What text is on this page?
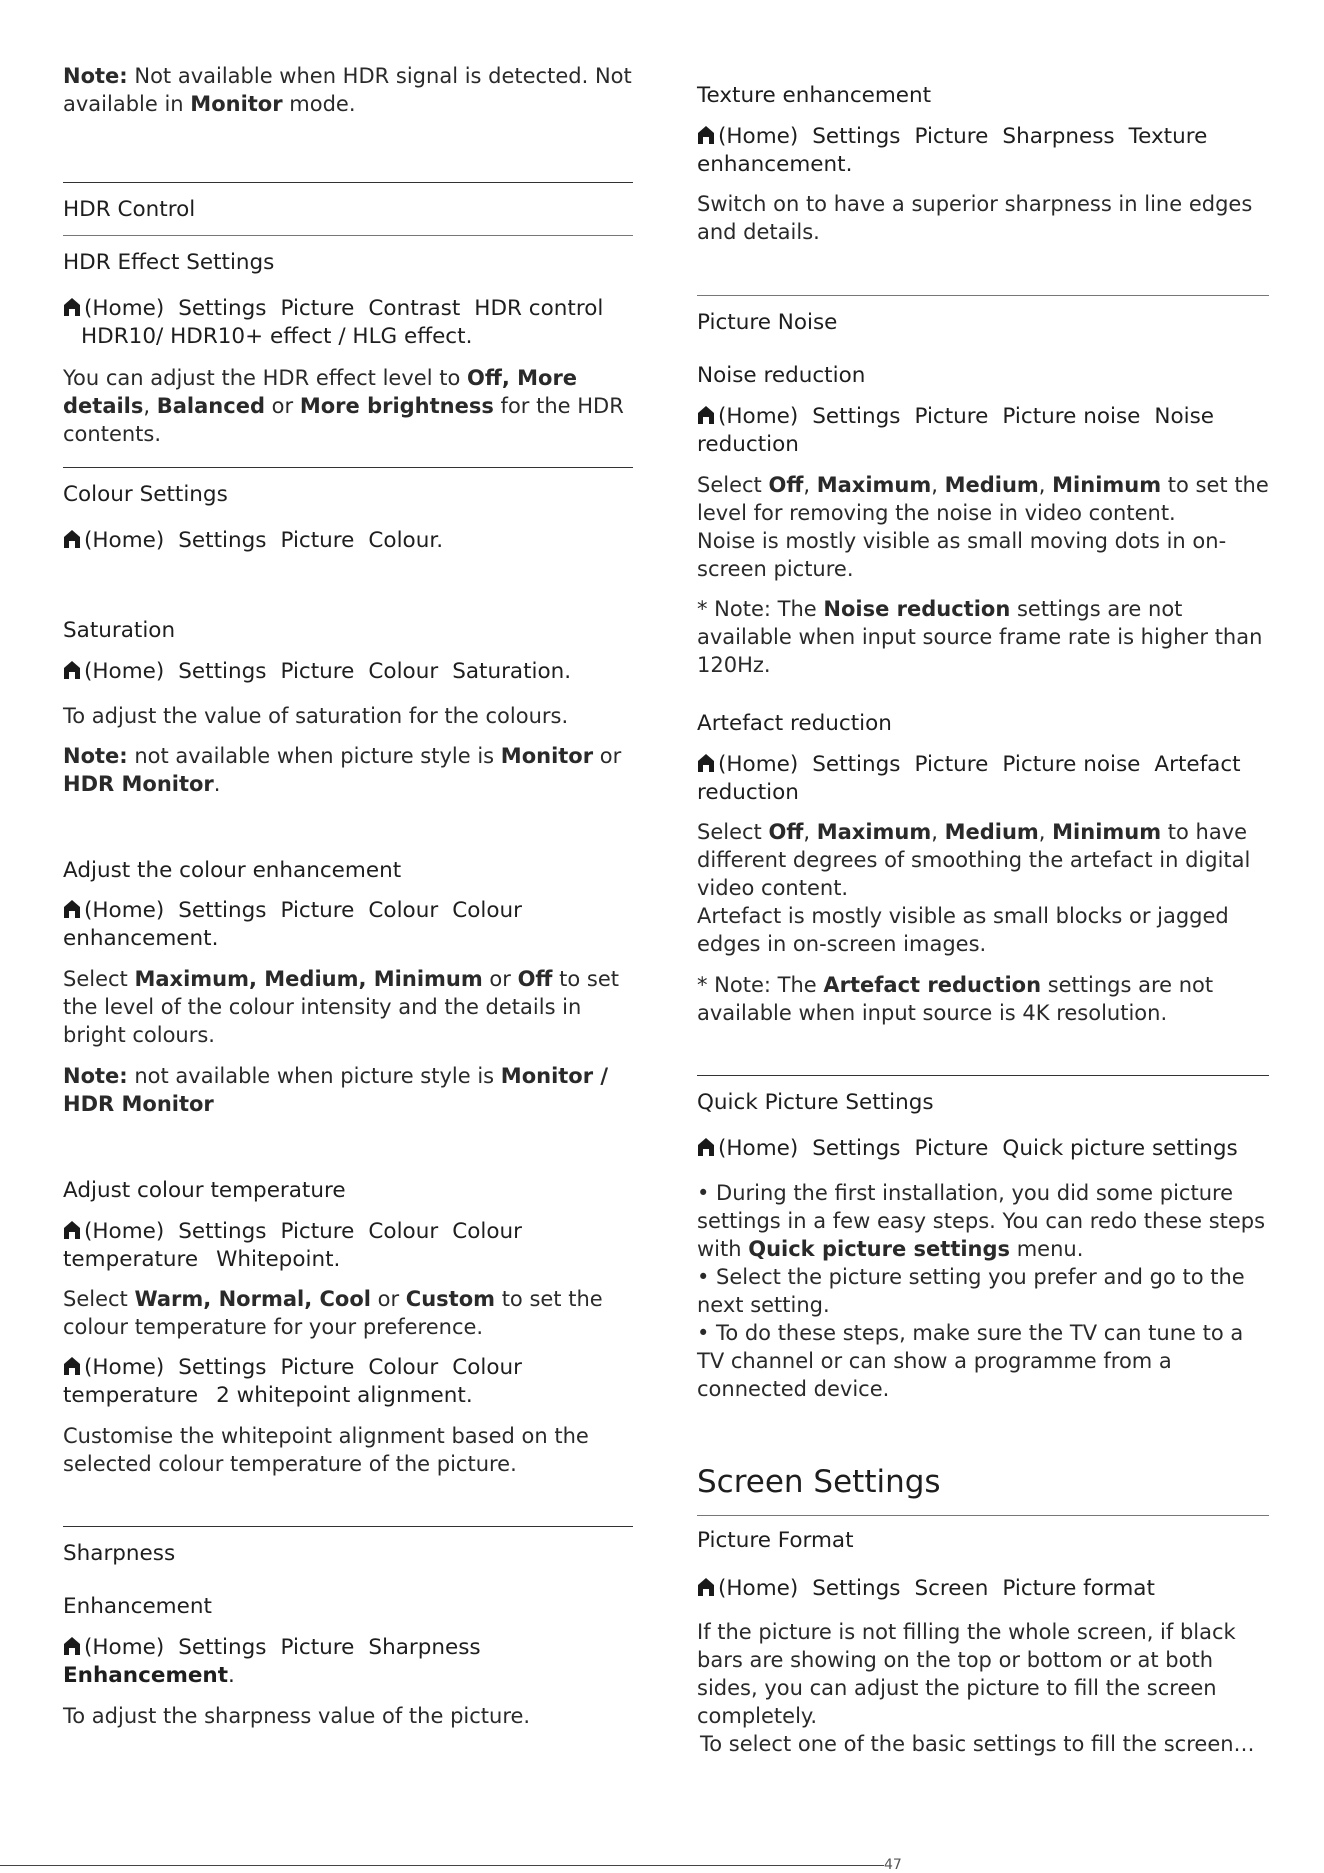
Note: Not available when HDR signal is detected. Not available in Monitor mode.

HDR Control

HDR Effect Settings

(Home) Settings Picture Contrast HDR control
HDR10/ HDR10+ effect / HLG effect.

You can adjust the HDR effect level to Off, More details, Balanced or More brightness for the HDR contents.

Colour Settings

(Home) Settings Picture Colour.

Saturation

(Home) Settings Picture Colour Saturation.

To adjust the value of saturation for the colours.

Note: not available when picture style is Monitor or HDR Monitor.

Adjust the colour enhancement

(Home) Settings Picture Colour Colour enhancement.

Select Maximum, Medium, Minimum or Off to set the level of the colour intensity and the details in bright colours.

Note: not available when picture style is Monitor / HDR Monitor

Adjust colour temperature

(Home) Settings Picture Colour Colour temperature Whitepoint.

Select Warm, Normal, Cool or Custom to set the colour temperature for your preference.

(Home) Settings Picture Colour Colour temperature 2 whitepoint alignment.

Customise the whitepoint alignment based on the selected colour temperature of the picture.

Sharpness

Enhancement

(Home) Settings Picture Sharpness
Enhancement.

To adjust the sharpness value of the picture.

Texture enhancement

(Home) Settings Picture Sharpness Texture enhancement.

Switch on to have a superior sharpness in line edges and details.

Picture Noise

Noise reduction

(Home) Settings Picture Picture noise Noise reduction

Select Off, Maximum, Medium, Minimum to set the level for removing the noise in video content.

Noise is mostly visible as small moving dots in on-screen picture.

* Note: The Noise reduction settings are not available when input source frame rate is higher than 120Hz.

Artefact reduction

(Home) Settings Picture Picture noise Artefact reduction

Select Off, Maximum, Medium, Minimum to have different degrees of smoothing the artefact in digital video content.

Artefact is mostly visible as small blocks or jagged edges in on-screen images.

* Note: The Artefact reduction settings are not available when input source is 4K resolution.

Quick Picture Settings

(Home) Settings Picture Quick picture settings

• During the first installation, you did some picture settings in a few easy steps. You can redo these steps with Quick picture settings menu.

• Select the picture setting you prefer and go to the next setting.

• To do these steps, make sure the TV can tune to a TV channel or can show a programme from a connected device.

Screen Settings

Picture Format

(Home) Settings Screen Picture format

If the picture is not filling the whole screen, if black bars are showing on the top or bottom or at both sides, you can adjust the picture to fill the screen completely.

To select one of the basic settings to fill the screen…

47
